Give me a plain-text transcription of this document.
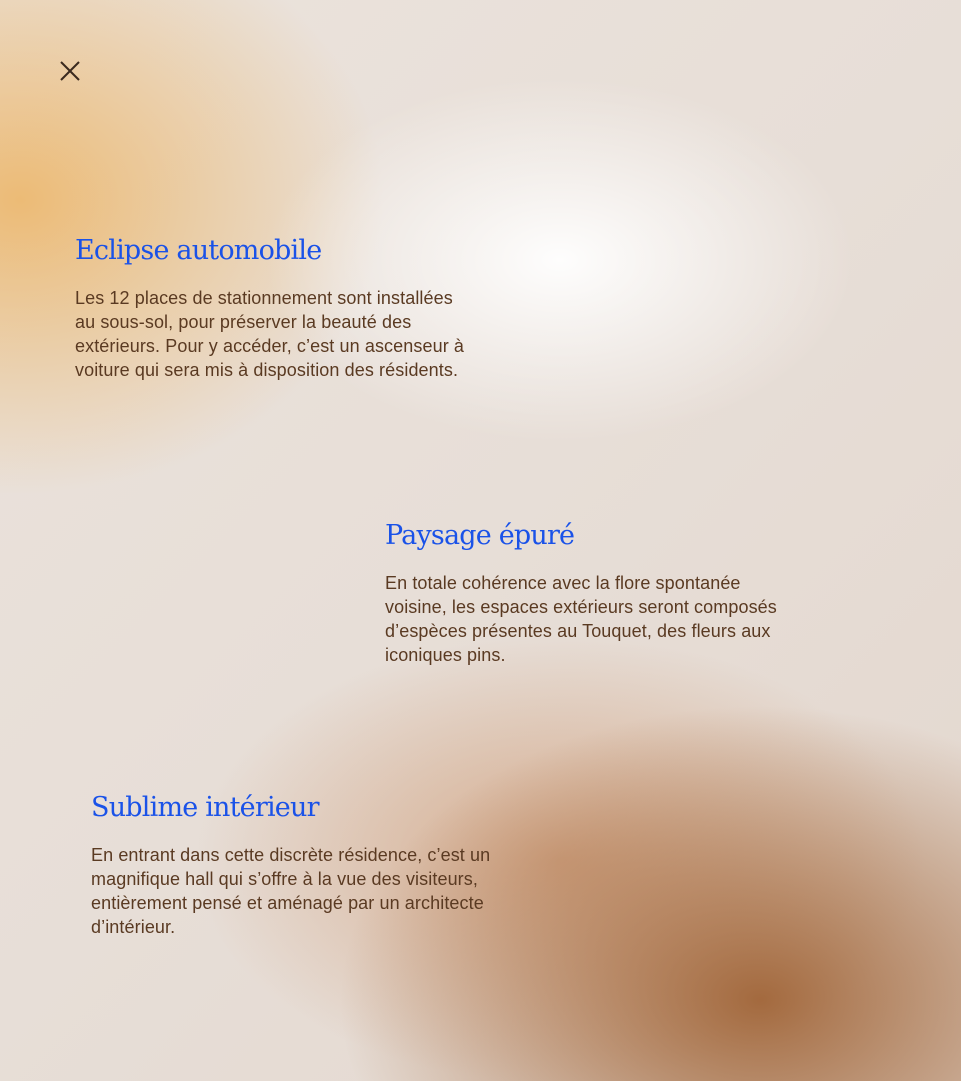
Eclipse automobile

Les 12 places de stationnement sont installées au sous-sol, pour préserver la beauté des extérieurs. Pour y accéder, c’est un ascenseur à voiture qui sera mis à disposition des résidents.

Paysage épuré

En totale cohérence avec la flore spontanée voisine, les espaces extérieurs seront composés d’espèces présentes au Touquet, des fleurs aux iconiques pins.

Sublime intérieur

En entrant dans cette discrète résidence, c’est un magnifique hall qui s’offre à la vue des visiteurs, entièrement pensé et aménagé par un architecte d’intérieur.
